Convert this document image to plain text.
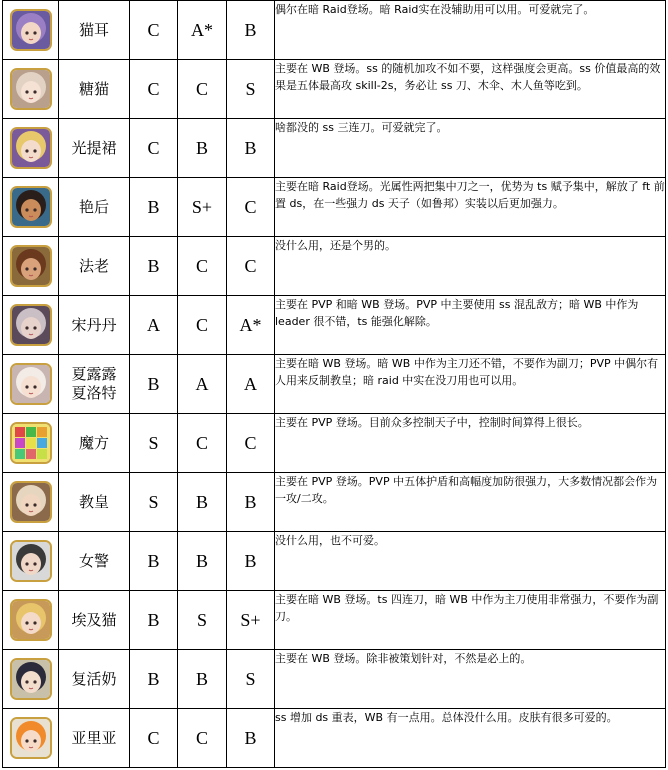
	猫耳	C	A*	B	偶尔在暗 Raid登场。暗 Raid实在没辅助用可以用。可爱就完了。

	糖猫	C	C	S	主要在 WB 登场。ss 的随机加攻不如不要，这样强度会更高。ss 价值最高的效果是五体最高攻 skill-2s，务必让 ss 刀、木伞、木人鱼等吃到。

	光提裙	C	B	B	啥都没的 ss 三连刀。可爱就完了。

	艳后	B	S+	C	主要在暗 Raid登场。光属性两把集中刀之一，优势为 ts 赋予集中，解放了 ft 前置 ds，在一些强力 ds 天子（如鲁邦）实装以后更加强力。

	法老	B	C	C	没什么用，还是个男的。

	宋丹丹	A	C	A*	主要在 PVP 和暗 WB 登场。PVP 中主要使用 ss 混乱敌方；暗 WB 中作为 leader 很不错，ts 能强化解除。

	夏露露
夏洛特	B	A	A	主要在暗 WB 登场。暗 WB 中作为主刀还不错，不要作为副刀；PVP 中偶尔有人用来反制教皇；暗 raid 中实在没刀用也可以用。

	魔方	S	C	C	主要在 PVP 登场。目前众多控制天子中，控制时间算得上很长。

	教皇	S	B	B	主要在 PVP 登场。PVP 中五体护盾和高幅度加防很强力，大多数情况都会作为一攻/二攻。

	女警	B	B	B	没什么用，也不可爱。

	埃及猫	B	S	S+	主要在暗 WB 登场。ts 四连刀，暗 WB 中作为主刀使用非常强力，不要作为副刀。

	复活奶	B	B	S	主要在 WB 登场。除非被策划针对，不然是必上的。

	亚里亚	C	C	B	ss 增加 ds 重表，WB 有一点用。总体没什么用。皮肤有很多可爱的。
